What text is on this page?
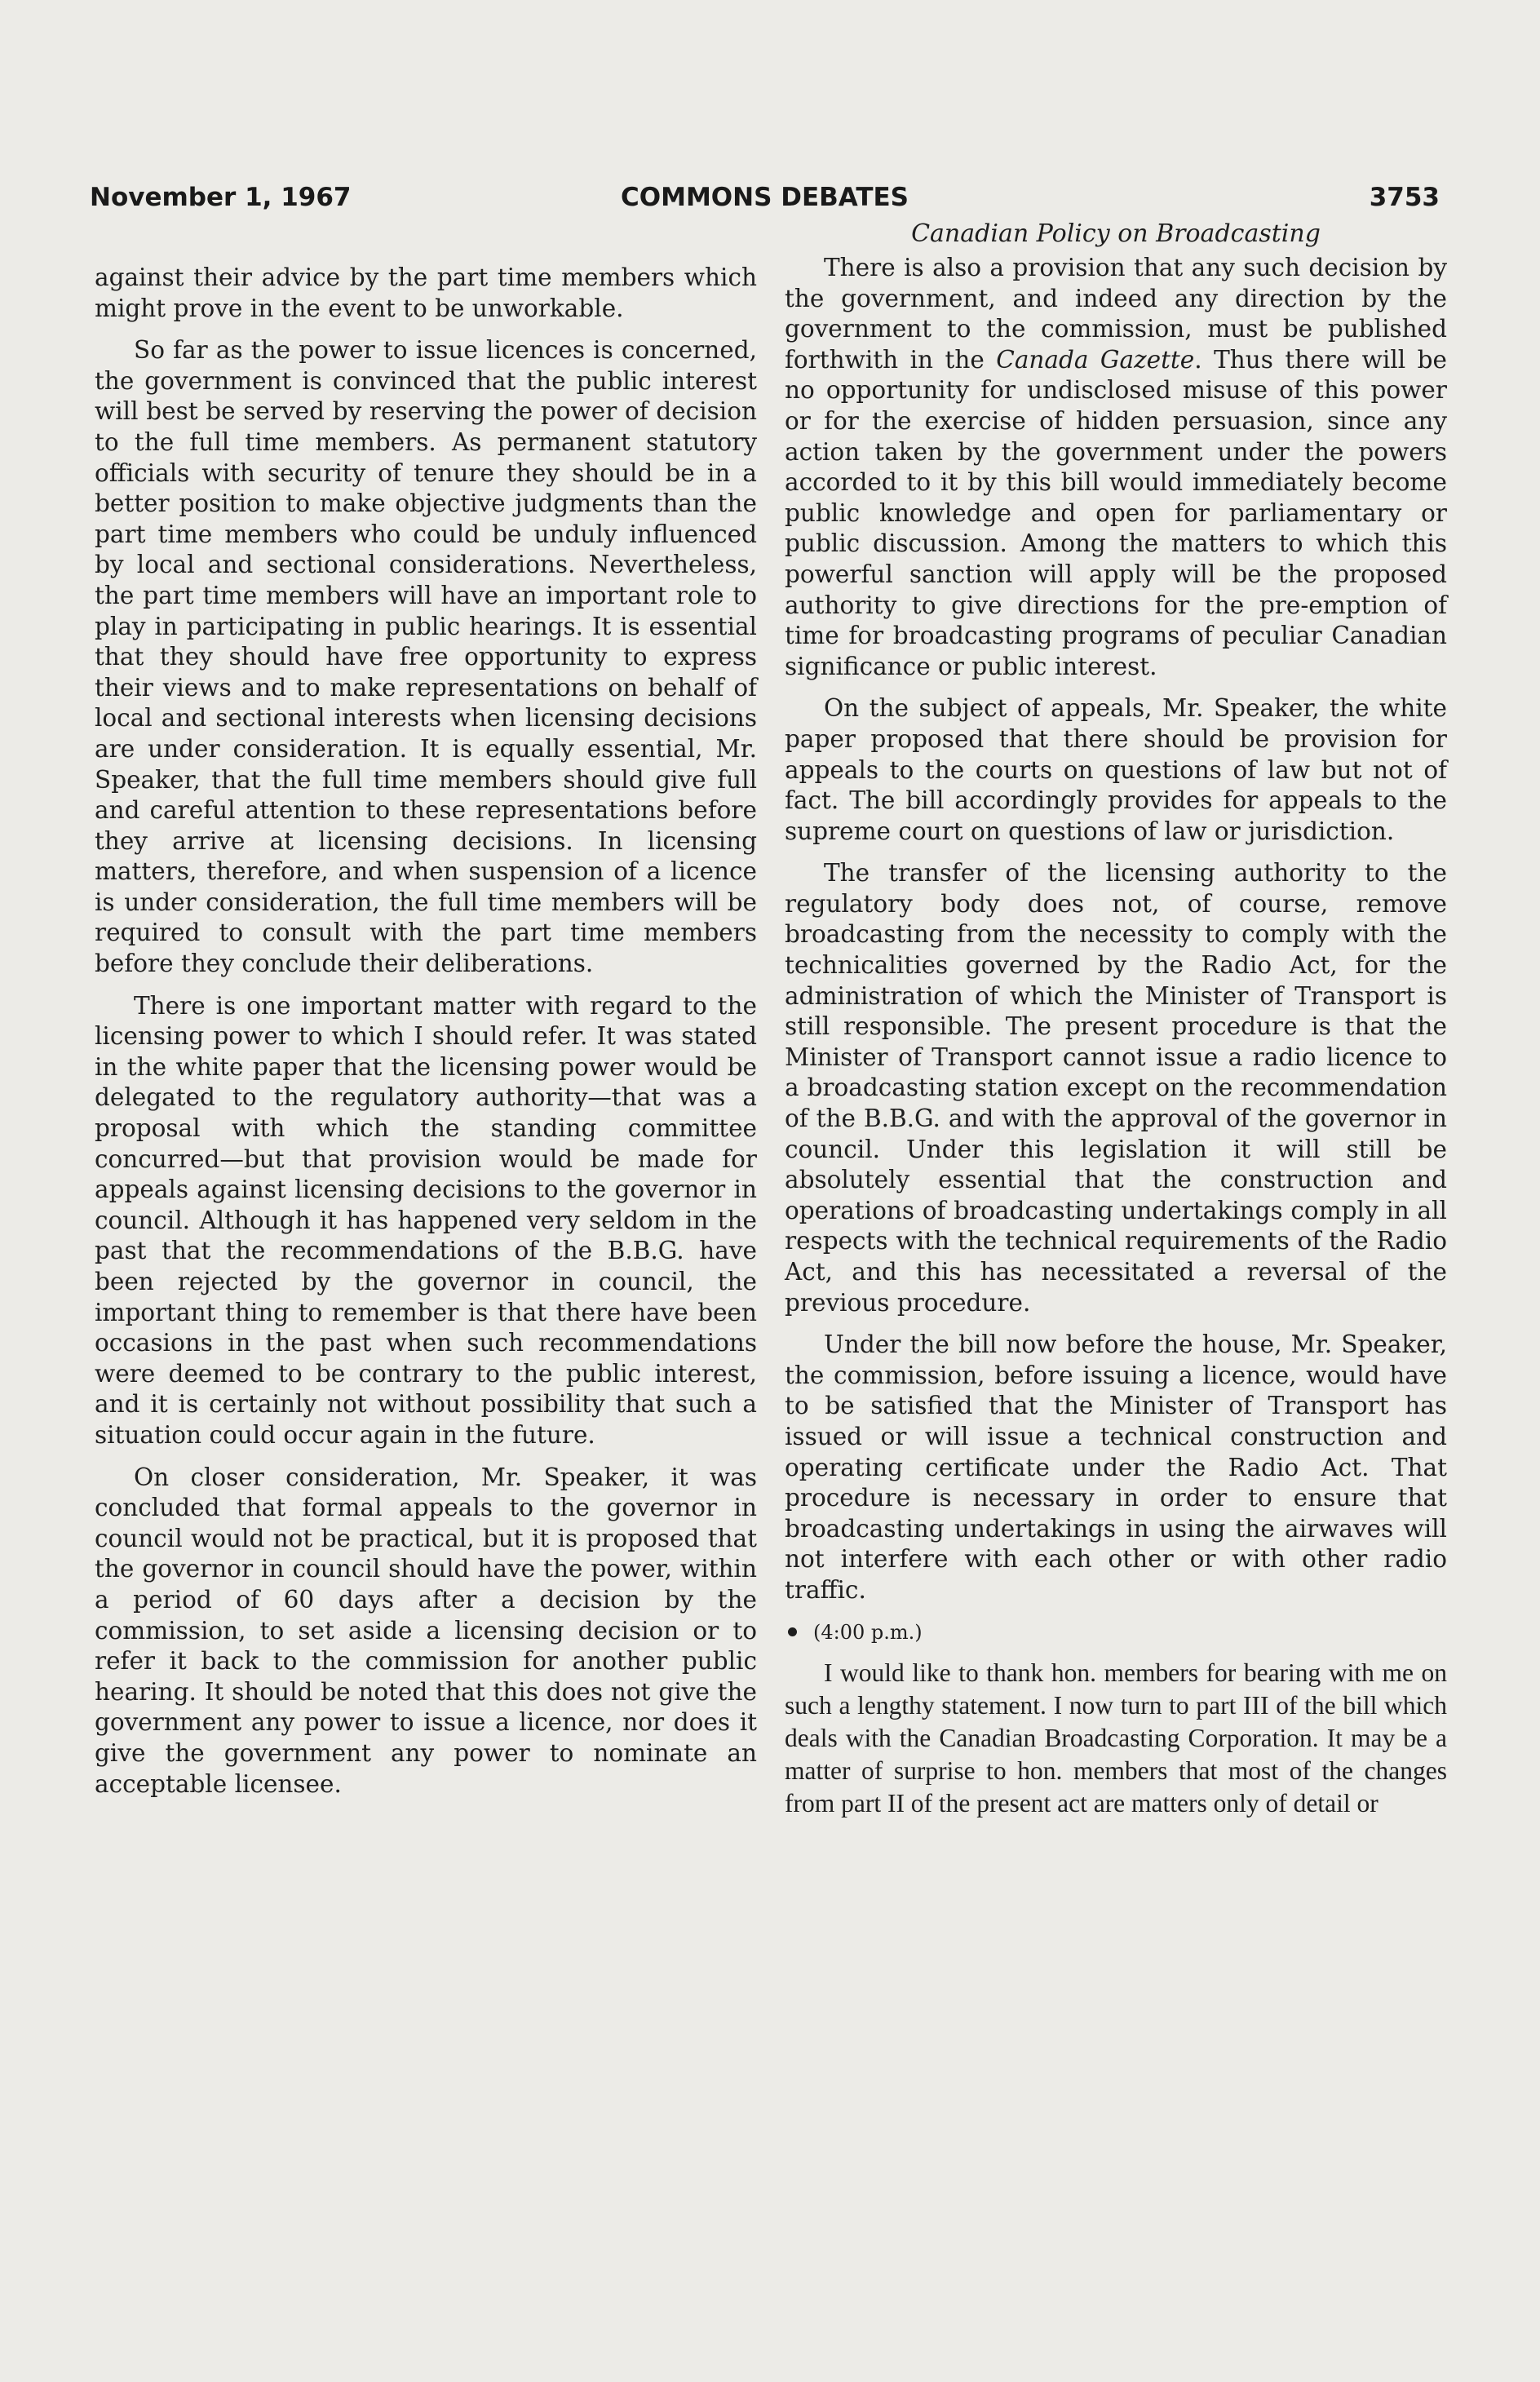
November 1, 1967	COMMONS DEBATES	3753
Canadian Policy on Broadcasting

against their advice by the part time members which might prove in the event to be unworkable.

So far as the power to issue licences is concerned, the government is convinced that the public interest will best be served by reserving the power of decision to the full time members. As permanent statutory officials with security of tenure they should be in a better position to make objective judgments than the part time members who could be unduly influenced by local and sectional considerations. Nevertheless, the part time members will have an important role to play in participating in public hearings. It is essential that they should have free opportunity to express their views and to make representations on behalf of local and sectional interests when licensing decisions are under consideration. It is equally essential, Mr. Speaker, that the full time members should give full and careful attention to these representations before they arrive at licensing decisions. In licensing matters, therefore, and when suspension of a licence is under consideration, the full time members will be required to consult with the part time members before they conclude their deliberations.

There is one important matter with regard to the licensing power to which I should refer. It was stated in the white paper that the licensing power would be delegated to the regulatory authority—that was a proposal with which the standing committee concurred—but that provision would be made for appeals against licensing decisions to the governor in council. Although it has happened very seldom in the past that the recommendations of the B.B.G. have been rejected by the governor in council, the important thing to remember is that there have been occasions in the past when such recommendations were deemed to be contrary to the public interest, and it is certainly not without possibility that such a situation could occur again in the future.

On closer consideration, Mr. Speaker, it was concluded that formal appeals to the governor in council would not be practical, but it is proposed that the governor in council should have the power, within a period of 60 days after a decision by the commission, to set aside a licensing decision or to refer it back to the commission for another public hearing. It should be noted that this does not give the government any power to issue a licence, nor does it give the government any power to nominate an acceptable licensee.

There is also a provision that any such decision by the government, and indeed any direction by the government to the commission, must be published forthwith in the Canada Gazette. Thus there will be no opportunity for undisclosed misuse of this power or for the exercise of hidden persuasion, since any action taken by the government under the powers accorded to it by this bill would immediately become public knowledge and open for parliamentary or public discussion. Among the matters to which this powerful sanction will apply will be the proposed authority to give directions for the pre-emption of time for broadcasting programs of peculiar Canadian significance or public interest.

On the subject of appeals, Mr. Speaker, the white paper proposed that there should be provision for appeals to the courts on questions of law but not of fact. The bill accordingly provides for appeals to the supreme court on questions of law or jurisdiction.

The transfer of the licensing authority to the regulatory body does not, of course, remove broadcasting from the necessity to comply with the technicalities governed by the Radio Act, for the administration of which the Minister of Transport is still responsible. The present procedure is that the Minister of Transport cannot issue a radio licence to a broadcasting station except on the recommendation of the B.B.G. and with the approval of the governor in council. Under this legislation it will still be absolutely essential that the construction and operations of broadcasting undertakings comply in all respects with the technical requirements of the Radio Act, and this has necessitated a reversal of the previous procedure.

Under the bill now before the house, Mr. Speaker, the commission, before issuing a licence, would have to be satisfied that the Minister of Transport has issued or will issue a technical construction and operating certificate under the Radio Act. That procedure is necessary in order to ensure that broadcasting undertakings in using the airwaves will not interfere with each other or with other radio traffic.

(4:00 p.m.)

I would like to thank hon. members for bearing with me on such a lengthy statement. I now turn to part III of the bill which deals with the Canadian Broadcasting Corporation. It may be a matter of surprise to hon. members that most of the changes from part II of the present act are matters only of detail or
